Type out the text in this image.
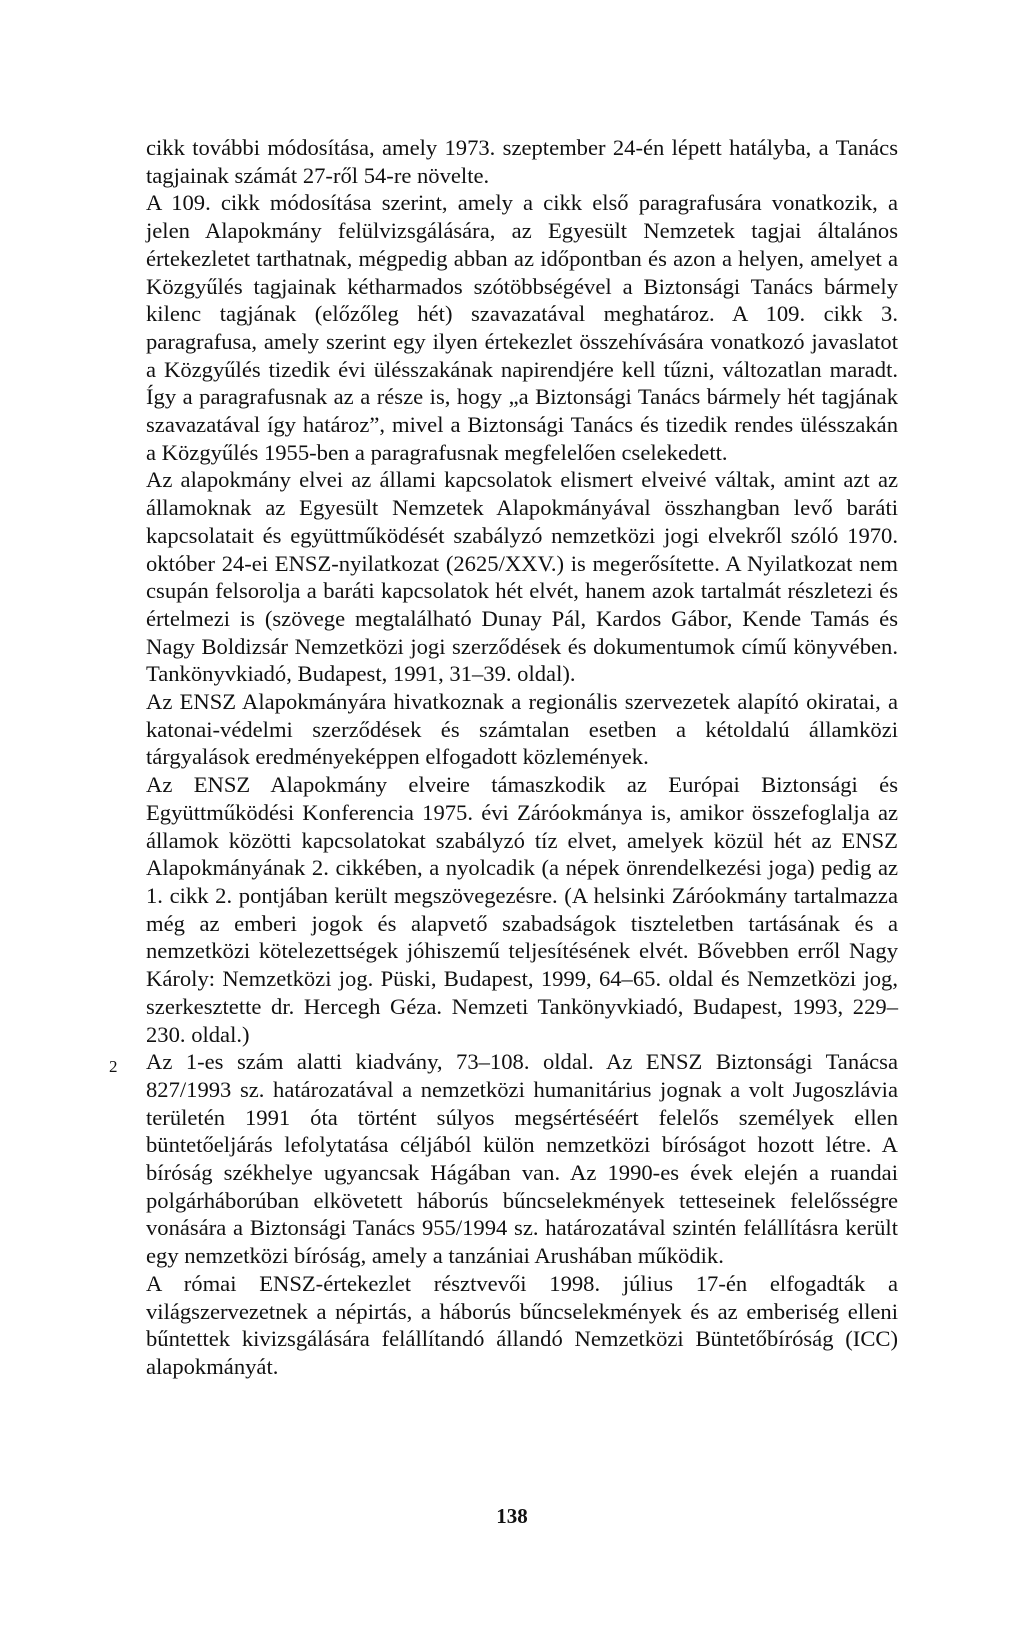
cikk további módosítása, amely 1973. szeptember 24-én lépett hatályba, a Tanács tagjainak számát 27-ről 54-re növelte.

A 109. cikk módosítása szerint, amely a cikk első paragrafusára vonatkozik, a jelen Alapokmány felülvizsgálására, az Egyesült Nemzetek tagjai általános értekezletet tarthatnak, mégpedig abban az időpontban és azon a helyen, amelyet a Közgyűlés tagjainak kétharmados szótöbbségével a Biztonsági Tanács bármely kilenc tagjának (előzőleg hét) szavazatával meghatároz. A 109. cikk 3. paragrafusa, amely szerint egy ilyen értekezlet összehívására vonatkozó javaslatot a Közgyűlés tizedik évi ülésszakának napirendjére kell tűzni, változatlan maradt. Így a paragrafusnak az a része is, hogy „a Biztonsági Tanács bármely hét tagjának szavazatával így határoz”, mivel a Biztonsági Tanács és tizedik rendes ülésszakán a Közgyűlés 1955-ben a paragrafusnak megfelelően cselekedett.

Az alapokmány elvei az állami kapcsolatok elismert elveivé váltak, amint azt az államoknak az Egyesült Nemzetek Alapokmányával összhangban levő baráti kapcsolatait és együttműködését szabályzó nemzetközi jogi elvekről szóló 1970. október 24-ei ENSZ-nyilatkozat (2625/XXV.) is megerősítette. A Nyilatkozat nem csupán felsorolja a baráti kapcsolatok hét elvét, hanem azok tartalmát részletezi és értelmezi is (szövege megtalálható Dunay Pál, Kardos Gábor, Kende Tamás és Nagy Boldizsár Nemzetközi jogi szerződések és dokumentumok című könyvében. Tankönyvkiadó, Budapest, 1991, 31–39. oldal).

Az ENSZ Alapokmányára hivatkoznak a regionális szervezetek alapító okiratai, a katonai-védelmi szerződések és számtalan esetben a kétoldalú államközi tárgyalások eredményeképpen elfogadott közlemények.

Az ENSZ Alapokmány elveire támaszkodik az Európai Biztonsági és Együttműködési Konferencia 1975. évi Záróokmánya is, amikor összefoglalja az államok közötti kapcsolatokat szabályzó tíz elvet, amelyek közül hét az ENSZ Alapokmányának 2. cikkében, a nyolcadik (a népek önrendelkezési joga) pedig az 1. cikk 2. pontjában került megszövegezésre. (A helsinki Záróokmány tartalmazza még az emberi jogok és alapvető szabadságok tiszteletben tartásának és a nemzetközi kötelezettségek jóhiszemű teljesítésének elvét. Bővebben erről Nagy Károly: Nemzetközi jog. Püski, Budapest, 1999, 64–65. oldal és Nemzetközi jog, szerkesztette dr. Hercegh Géza. Nemzeti Tankönyvkiadó, Budapest, 1993, 229–230. oldal.)

2 Az 1-es szám alatti kiadvány, 73–108. oldal. Az ENSZ Biztonsági Tanácsa 827/1993 sz. határozatával a nemzetközi humanitárius jognak a volt Jugoszlávia területén 1991 óta történt súlyos megsértéséért felelős személyek ellen büntetőeljárás lefolytatása céljából külön nemzetközi bíróságot hozott létre. A bíróság székhelye ugyancsak Hágában van. Az 1990-es évek elején a ruandai polgárháborúban elkövetett háborús bűncselekmények tetteseinek felelősségre vonására a Biztonsági Tanács 955/1994 sz. határozatával szintén felállításra került egy nemzetközi bíróság, amely a tanzániai Arushában működik.

A római ENSZ-értekezlet résztvevői 1998. július 17-én elfogadták a világszervezetnek a népirtás, a háborús bűncselekmények és az emberiség elleni bűntettek kivizsgálására felállítandó állandó Nemzetközi Büntetőbíróság (ICC) alapokmányát.

138
